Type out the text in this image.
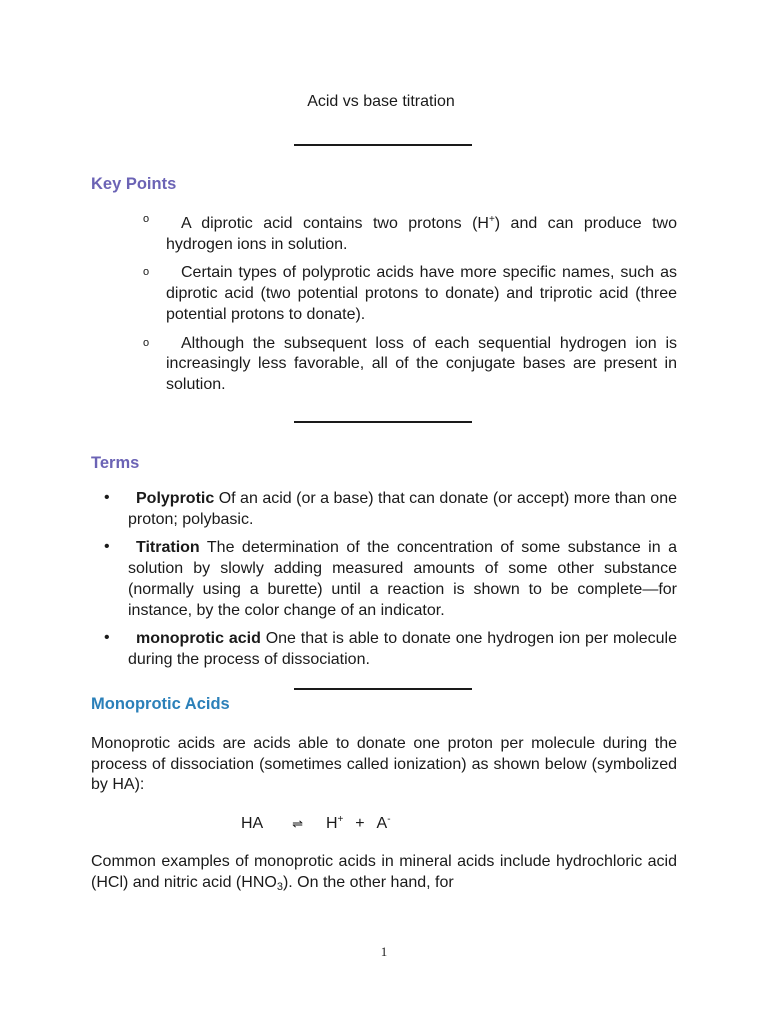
Acid vs base titration
Key Points
o	A diprotic acid contains two protons (H+) and can produce two hydrogen ions in solution.
o	Certain types of polyprotic acids have more specific names, such as diprotic acid (two potential protons to donate) and triprotic acid (three potential protons to donate).
o	Although the subsequent loss of each sequential hydrogen ion is increasingly less favorable, all of the conjugate bases are present in solution.
Terms
•	Polyprotic Of an acid (or a base) that can donate (or accept) more than one proton; polybasic.
•	Titration The determination of the concentration of some substance in a solution by slowly adding measured amounts of some other substance (normally using a burette) until a reaction is shown to be complete—for instance, by the color change of an indicator.
•	monoprotic acid One that is able to donate one hydrogen ion per molecule during the process of dissociation.
Monoprotic Acids
Monoprotic acids are acids able to donate one proton per molecule during the process of dissociation (sometimes called ionization) as shown below (symbolized by HA):
HA ⇌ H+ + A-
Common examples of monoprotic acids in mineral acids include hydrochloric acid (HCl) and nitric acid $(HNO_3)$. On the other hand, for
1
